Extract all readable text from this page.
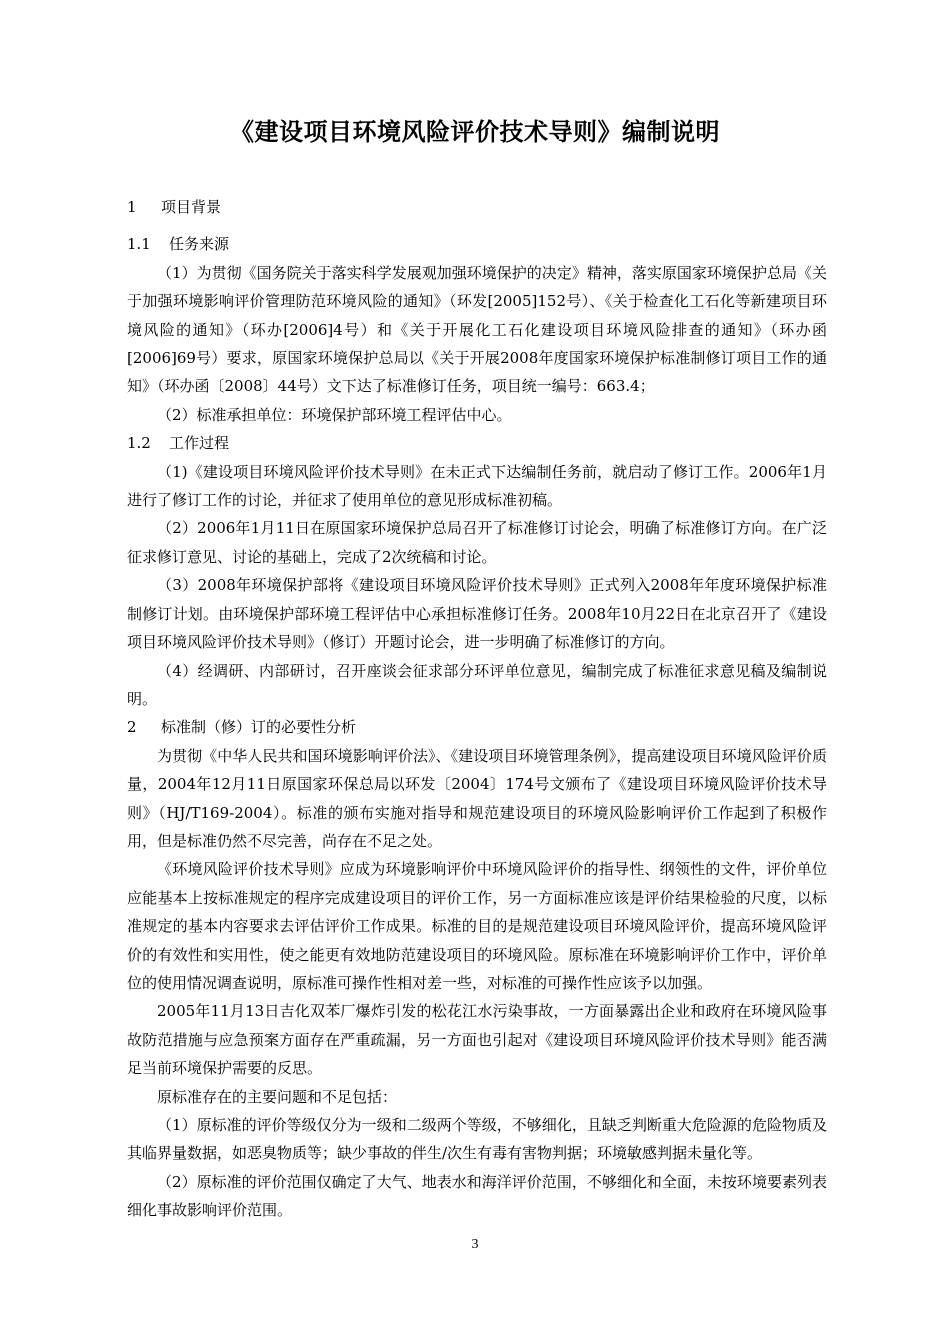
《建设项目环境风险评价技术导则》编制说明

1 项目背景

1.1 任务来源

（1）为贯彻《国务院关于落实科学发展观加强环境保护的决定》精神，落实原国家环境保护总局《关于加强环境影响评价管理防范环境风险的通知》（环发[2005]152号）、《关于检查化工石化等新建项目环境风险的通知》（环办[2006]4号）和《关于开展化工石化建设项目环境风险排查的通知》（环办函[2006]69号）要求，原国家环境保护总局以《关于开展2008年度国家环境保护标准制修订项目工作的通知》（环办函〔2008〕44号）文下达了标准修订任务，项目统一编号：663.4；

（2）标准承担单位：环境保护部环境工程评估中心。

1.2 工作过程

（1)《建设项目环境风险评价技术导则》在未正式下达编制任务前，就启动了修订工作。2006年1月进行了修订工作的讨论，并征求了使用单位的意见形成标准初稿。

（2）2006年1月11日在原国家环境保护总局召开了标准修订讨论会，明确了标准修订方向。在广泛征求修订意见、讨论的基础上，完成了2次统稿和讨论。

（3）2008年环境保护部将《建设项目环境风险评价技术导则》正式列入2008年年度环境保护标准制修订计划。由环境保护部环境工程评估中心承担标准修订任务。2008年10月22日在北京召开了《建设项目环境风险评价技术导则》（修订）开题讨论会，进一步明确了标准修订的方向。

（4）经调研、内部研讨，召开座谈会征求部分环评单位意见，编制完成了标准征求意见稿及编制说明。

2 标准制（修）订的必要性分析

为贯彻《中华人民共和国环境影响评价法》、《建设项目环境管理条例》，提高建设项目环境风险评价质量，2004年12月11日原国家环保总局以环发〔2004〕174号文颁布了《建设项目环境风险评价技术导则》（HJ/T169-2004）。标准的颁布实施对指导和规范建设项目的环境风险影响评价工作起到了积极作用，但是标准仍然不尽完善，尚存在不足之处。

《环境风险评价技术导则》应成为环境影响评价中环境风险评价的指导性、纲领性的文件，评价单位应能基本上按标准规定的程序完成建设项目的评价工作，另一方面标准应该是评价结果检验的尺度，以标准规定的基本内容要求去评估评价工作成果。标准的目的是规范建设项目环境风险评价，提高环境风险评价的有效性和实用性，使之能更有效地防范建设项目的环境风险。原标准在环境影响评价工作中，评价单位的使用情况调查说明，原标准可操作性相对差一些，对标准的可操作性应该予以加强。

2005年11月13日吉化双苯厂爆炸引发的松花江水污染事故，一方面暴露出企业和政府在环境风险事故防范措施与应急预案方面存在严重疏漏，另一方面也引起对《建设项目环境风险评价技术导则》能否满足当前环境保护需要的反思。

原标准存在的主要问题和不足包括：

（1）原标准的评价等级仅分为一级和二级两个等级，不够细化，且缺乏判断重大危险源的危险物质及其临界量数据，如恶臭物质等；缺少事故的伴生/次生有毒有害物判据；环境敏感判据未量化等。

（2）原标准的评价范围仅确定了大气、地表水和海洋评价范围，不够细化和全面，未按环境要素列表细化事故影响评价范围。

3
